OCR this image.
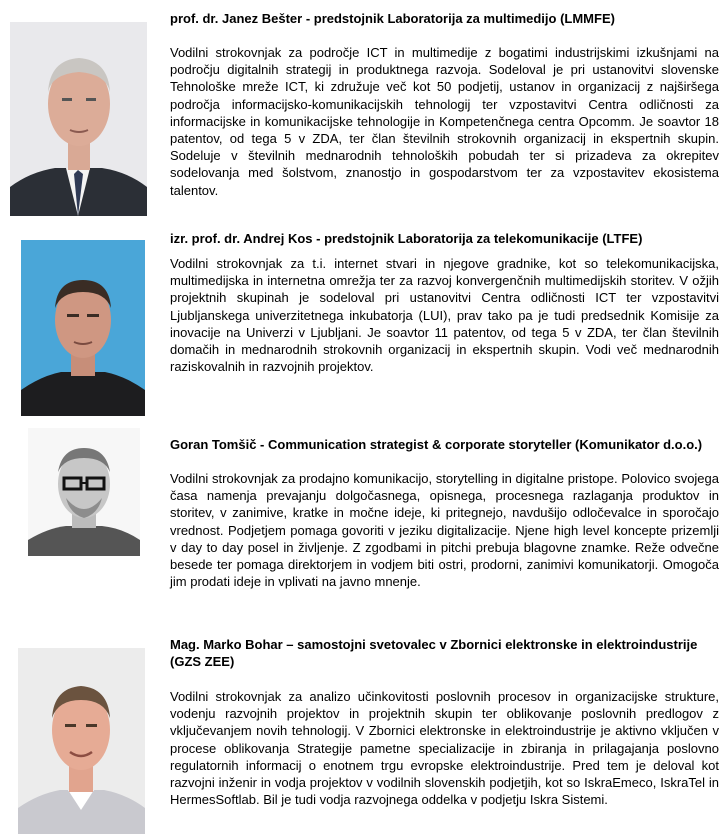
prof. dr. Janez Bešter - predstojnik Laboratorija za multimedijo (LMMFE)
Vodilni strokovnjak za področje ICT in multimedije z bogatimi industrijskimi izkušnjami na področju digitalnih strategij in produktnega razvoja. Sodeloval je pri ustanovitvi slovenske Tehnološke mreže ICT, ki združuje več kot 50 podjetij, ustanov in organizacij z najširšega področja informacijsko-komunikacijskih tehnologij ter vzpostavitvi Centra odličnosti za informacijske in komunikacijske tehnologije in Kompetenčnega centra Opcomm. Je soavtor 18 patentov, od tega 5 v ZDA, ter član številnih strokovnih organizacij in ekspertnih skupin. Sodeluje v številnih mednarodnih tehnoloških pobudah ter si prizadeva za okrepitev sodelovanja med šolstvom, znanostjo in gospodarstvom ter za vzpostavitev ekosistema talentov.
izr. prof. dr. Andrej Kos - predstojnik Laboratorija za telekomunikacije (LTFE)
Vodilni strokovnjak za t.i. internet stvari in njegove gradnike, kot so telekomunikacijska, multimedijska in internetna omrežja ter za razvoj konvergenčnih multimedijskih storitev. V ožjih projektnih skupinah je sodeloval pri ustanovitvi Centra odličnosti ICT ter vzpostavitvi Ljubljanskega univerzitetnega inkubatorja (LUI), prav tako pa je tudi predsednik Komisije za inovacije na Univerzi v Ljubljani. Je soavtor 11 patentov, od tega 5 v ZDA, ter član številnih domačih in mednarodnih strokovnih organizacij in ekspertnih skupin. Vodi več mednarodnih raziskovalnih in razvojnih projektov.
Goran Tomšič - Communication strategist & corporate storyteller (Komunikator d.o.o.)
Vodilni strokovnjak za prodajno komunikacijo, storytelling in digitalne pristope. Polovico svojega časa namenja prevajanju dolgočasnega, opisnega, procesnega razlaganja produktov in storitev, v zanimive, kratke in močne ideje, ki pritegnejo, navdušijo odločevalce in sporočajo vrednost. Podjetjem pomaga govoriti v jeziku digitalizacije. Njene high level koncepte prizemlji v day to day posel in življenje. Z zgodbami in pitchi prebuja blagovne znamke. Reže odvečne besede ter pomaga direktorjem in vodjem biti ostri, prodorni, zanimivi komunikatorji. Omogoča jim prodati ideje in vplivati na javno mnenje.
Mag. Marko Bohar – samostojni svetovalec v Zbornici elektronske in elektroindustrije (GZS ZEE)
Vodilni strokovnjak za analizo učinkovitosti poslovnih procesov in organizacijske strukture, vodenju razvojnih projektov in projektnih skupin ter oblikovanje poslovnih predlogov z vključevanjem novih tehnologij. V Zbornici elektronske in elektroindustrije je aktivno vključen v procese oblikovanja Strategije pametne specializacije in zbiranja in prilagajanja poslovno regulatornih informacij o enotnem trgu evropske elektroindustrije. Pred tem je deloval kot razvojni inženir in vodja projektov v vodilnih slovenskih podjetjih, kot so IskraEmeco, IskraTel in HermesSoftlab. Bil je tudi vodja razvojnega oddelka v podjetju Iskra Sistemi.
